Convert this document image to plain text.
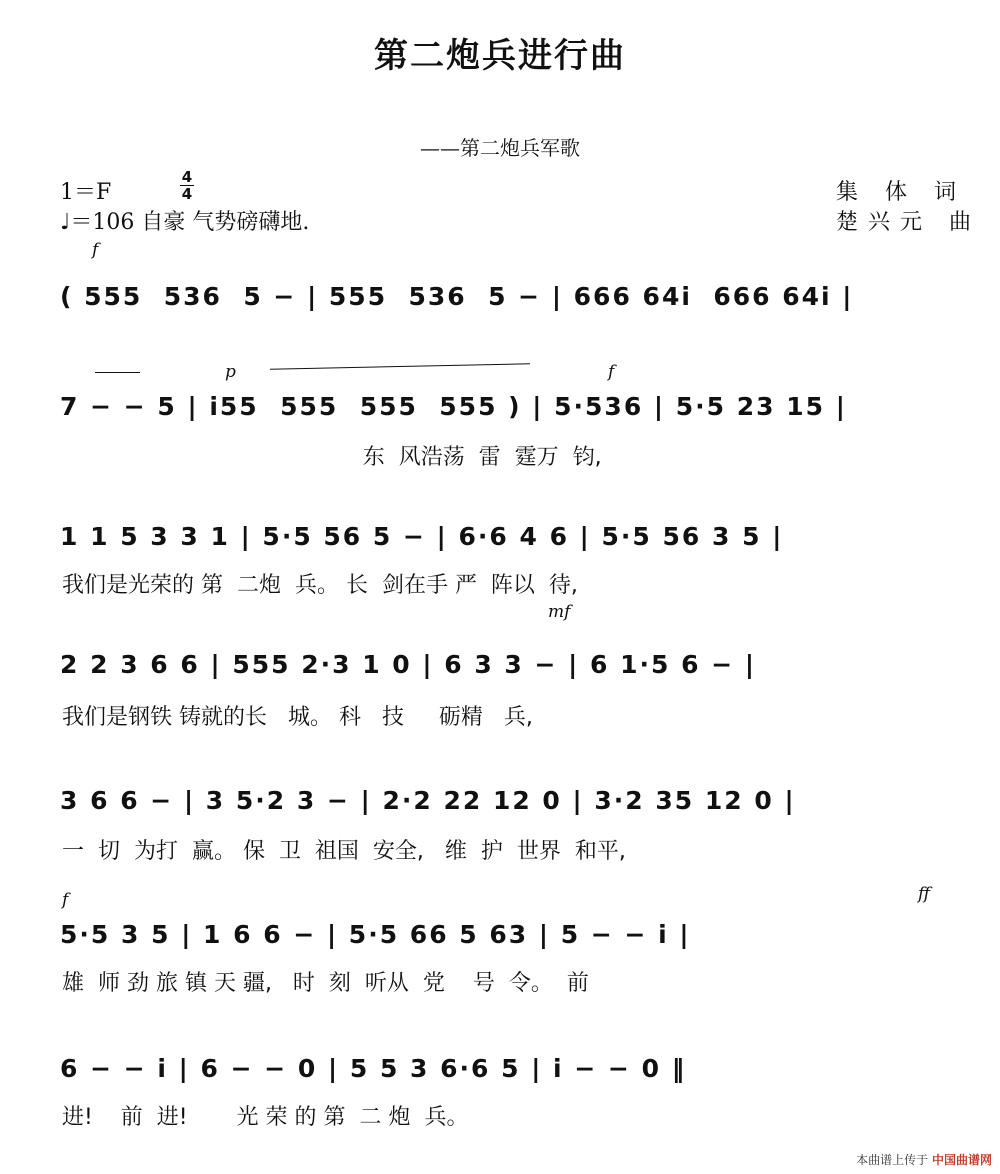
第二炮兵进行曲
——第二炮兵军歌
1＝F
4
4
♩＝106 自豪 气势磅礴地.
集 体 词
楚兴元 曲
f
( 555  536  5 − | 555  536  5 − | 666 64i  666 64i |
p	f
7 − − 5 | i55  555  555  555 ) | 5·536 | 5·5 23 15 |
东  风浩荡  雷  霆万  钧,
1 1 5 3 3 1 | 5·5 56 5 − | 6·6 4 6 | 5·5 56 3 5 |
我们是光荣的 第  二炮  兵。 长  剑在手 严  阵以  待,
mf
2 2 3 6 6 | 555 2·3 1 0 | 6 3 3 − | 6 1·5 6 − |
我们是钢铁 铸就的长   城。 科   技     砺精   兵,
3 6 6 − | 3 5·2 3 − | 2·2 22 12 0 | 3·2 35 12 0 |
一  切  为打  赢。 保  卫  祖国  安全,   维  护  世界  和平,
f	ff
5·5 3 5 | 1 6 6 − | 5·5 66 5 63 | 5 − − i |
雄  师 劲 旅 镇 天 疆,   时  刻  听从  党    号  令。  前
6 − − i | 6 − − 0 | 5 5 3 6·6 5 | i − − 0 ‖
进!    前  进!       光 荣 的 第  二 炮  兵。
本曲谱上传于 中国曲谱网
